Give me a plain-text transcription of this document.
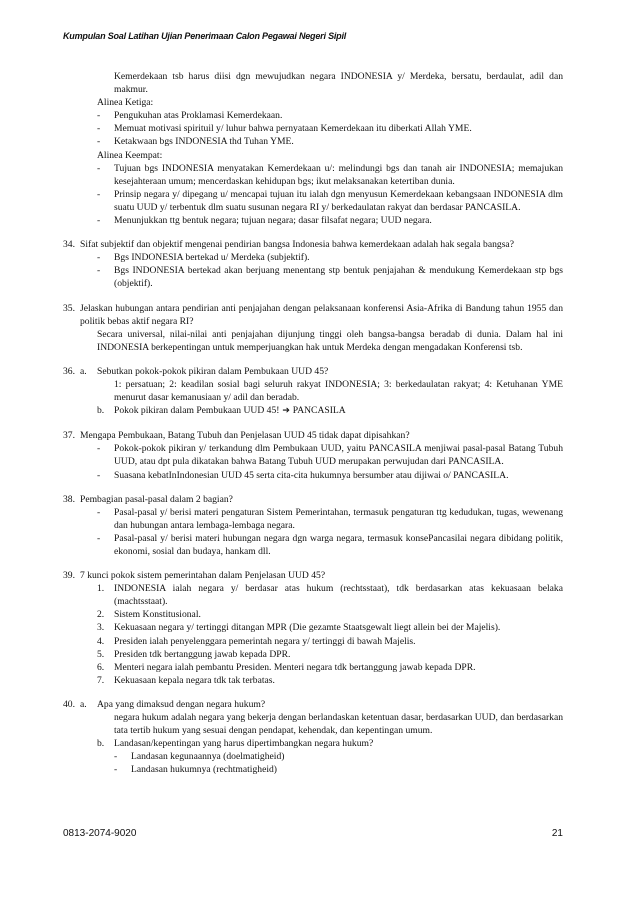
Kumpulan Soal Latihan Ujian Penerimaan Calon Pegawai Negeri Sipil
Kemerdekaan tsb harus diisi dgn mewujudkan negara INDONESIA y/ Merdeka, bersatu, berdaulat, adil dan makmur.
Alinea Ketiga:
-	Pengukuhan atas Proklamasi Kemerdekaan.
-	Memuat motivasi spirituil y/ luhur bahwa pernyataan Kemerdekaan itu diberkati Allah YME.
-	Ketakwaan bgs INDONESIA thd Tuhan YME.
Alinea Keempat:
-	Tujuan bgs INDONESIA menyatakan Kemerdekaan u/: melindungi bgs dan tanah air INDONESIA; memajukan kesejahteraan umum; mencerdaskan kehidupan bgs; ikut melaksanakan ketertiban dunia.
-	Prinsip negara y/ dipegang u/ mencapai tujuan itu ialah dgn menyusun Kemerdekaan kebangsaan INDONESIA dlm suatu UUD y/ terbentuk dlm suatu susunan negara RI y/ berkedaulatan rakyat dan berdasar PANCASILA.
-	Menunjukkan ttg bentuk negara; tujuan negara; dasar filsafat negara; UUD negara.
34. Sifat subjektif dan objektif mengenai pendirian bangsa Indonesia bahwa kemerdekaan adalah hak segala bangsa?
-	Bgs INDONESIA bertekad u/ Merdeka (subjektif).
-	Bgs INDONESIA bertekad akan berjuang menentang stp bentuk penjajahan & mendukung Kemerdekaan stp bgs (objektif).
35. Jelaskan hubungan antara pendirian anti penjajahan dengan pelaksanaan konferensi Asia-Afrika di Bandung tahun 1955 dan politik bebas aktif negara RI?
Secara universal, nilai-nilai anti penjajahan dijunjung tinggi oleh bangsa-bangsa beradab di dunia. Dalam hal ini INDONESIA berkepentingan untuk memperjuangkan hak untuk Merdeka dengan mengadakan Konferensi tsb.
36. a.	Sebutkan pokok-pokok pikiran dalam Pembukaan UUD 45?
1: persatuan; 2: keadilan sosial bagi seluruh rakyat INDONESIA; 3: berkedaulatan rakyat; 4: Ketuhanan YME menurut dasar kemanusiaan y/ adil dan beradab.
b.	Pokok pikiran dalam Pembukaan UUD 45! ➔ PANCASILA
37. Mengapa Pembukaan, Batang Tubuh dan Penjelasan UUD 45 tidak dapat dipisahkan?
-	Pokok-pokok pikiran y/ terkandung dlm Pembukaan UUD, yaitu PANCASILA menjiwai pasal-pasal Batang Tubuh UUD, atau dpt pula dikatakan bahwa Batang Tubuh UUD merupakan perwujudan dari PANCASILA.
-	Suasana kebatInIndonesian UUD 45 serta cita-cita hukumnya bersumber atau dijiwai o/ PANCASILA.
38. Pembagian pasal-pasal dalam 2 bagian?
-	Pasal-pasal y/ berisi materi pengaturan Sistem Pemerintahan, termasuk pengaturan ttg kedudukan, tugas, wewenang dan hubungan antara lembaga-lembaga negara.
-	Pasal-pasal y/ berisi materi hubungan negara dgn warga negara, termasuk konsePancasilai negara dibidang politik, ekonomi, sosial dan budaya, hankam dll.
39. 7 kunci pokok sistem pemerintahan dalam Penjelasan UUD 45?
1.	INDONESIA ialah negara y/ berdasar atas hukum (rechtsstaat), tdk berdasarkan atas kekuasaan belaka (machtsstaat).
2.	Sistem Konstitusional.
3.	Kekuasaan negara y/ tertinggi ditangan MPR (Die gezamte Staatsgewalt liegt allein bei der Majelis).
4.	Presiden ialah penyelenggara pemerintah negara y/ tertinggi di bawah Majelis.
5.	Presiden tdk bertanggung jawab kepada DPR.
6.	Menteri negara ialah pembantu Presiden. Menteri negara tdk bertanggung jawab kepada DPR.
7.	Kekuasaan kepala negara tdk tak terbatas.
40. a.	Apa yang dimaksud dengan negara hukum?
negara hukum adalah negara yang bekerja dengan berlandaskan ketentuan dasar, berdasarkan UUD, dan berdasarkan tata tertib hukum yang sesuai dengan pendapat, kehendak, dan kepentingan umum.
b.	Landasan/kepentingan yang harus dipertimbangkan negara hukum?
-	Landasan kegunaannya (doelmatigheid)
-	Landasan hukumnya (rechtmatigheid)
0813-2074-9020	21
